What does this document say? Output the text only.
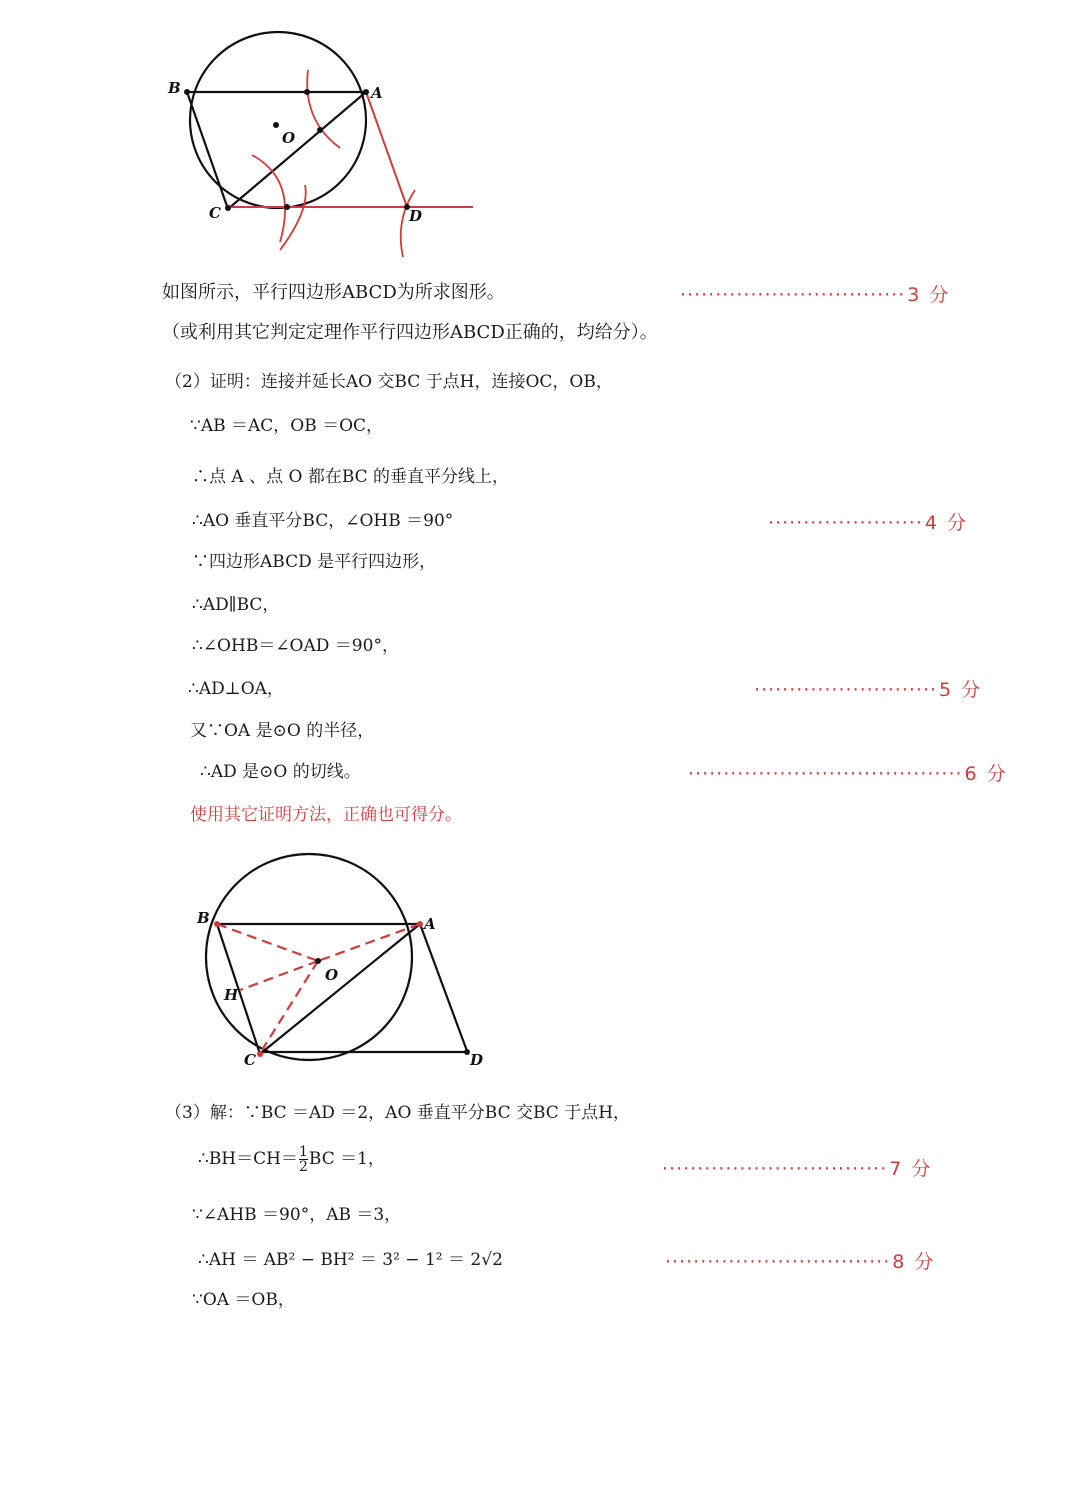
B	A
O
C	D
如图所示，平行四边形ABCD为所求图形。
（或利用其它判定定理作平行四边形ABCD正确的，均给分）。
（2）证明：连接并延长AO 交BC 于点H，连接OC，OB，
∵AB ＝AC，OB ＝OC，
∴点 A 、点 O 都在BC 的垂直平分线上，
∴AO 垂直平分BC，∠OHB ＝90°
∵四边形ABCD 是平行四边形，
∴AD∥BC，
∴∠OHB＝∠OAD ＝90°，
∴AD⊥OA，
又∵OA 是⊙O 的半径，
∴AD 是⊙O 的切线。
使用其它证明方法，正确也可得分。
B	A
O
H
C	D
（3）解：∵BC ＝AD ＝2，AO 垂直平分BC 交BC 于点H，
∴BH＝CH＝ $\frac{1}{2}$ BC ＝1，
∵∠AHB ＝90°，AB ＝3，
∴AH ＝ AB² − BH² ＝ 3² − 1² ＝ 2√2
∵OA ＝OB，
································ 3 分
······················ 4 分
·························· 5 分
······································· 6 分
································ 7 分
································ 8 分
